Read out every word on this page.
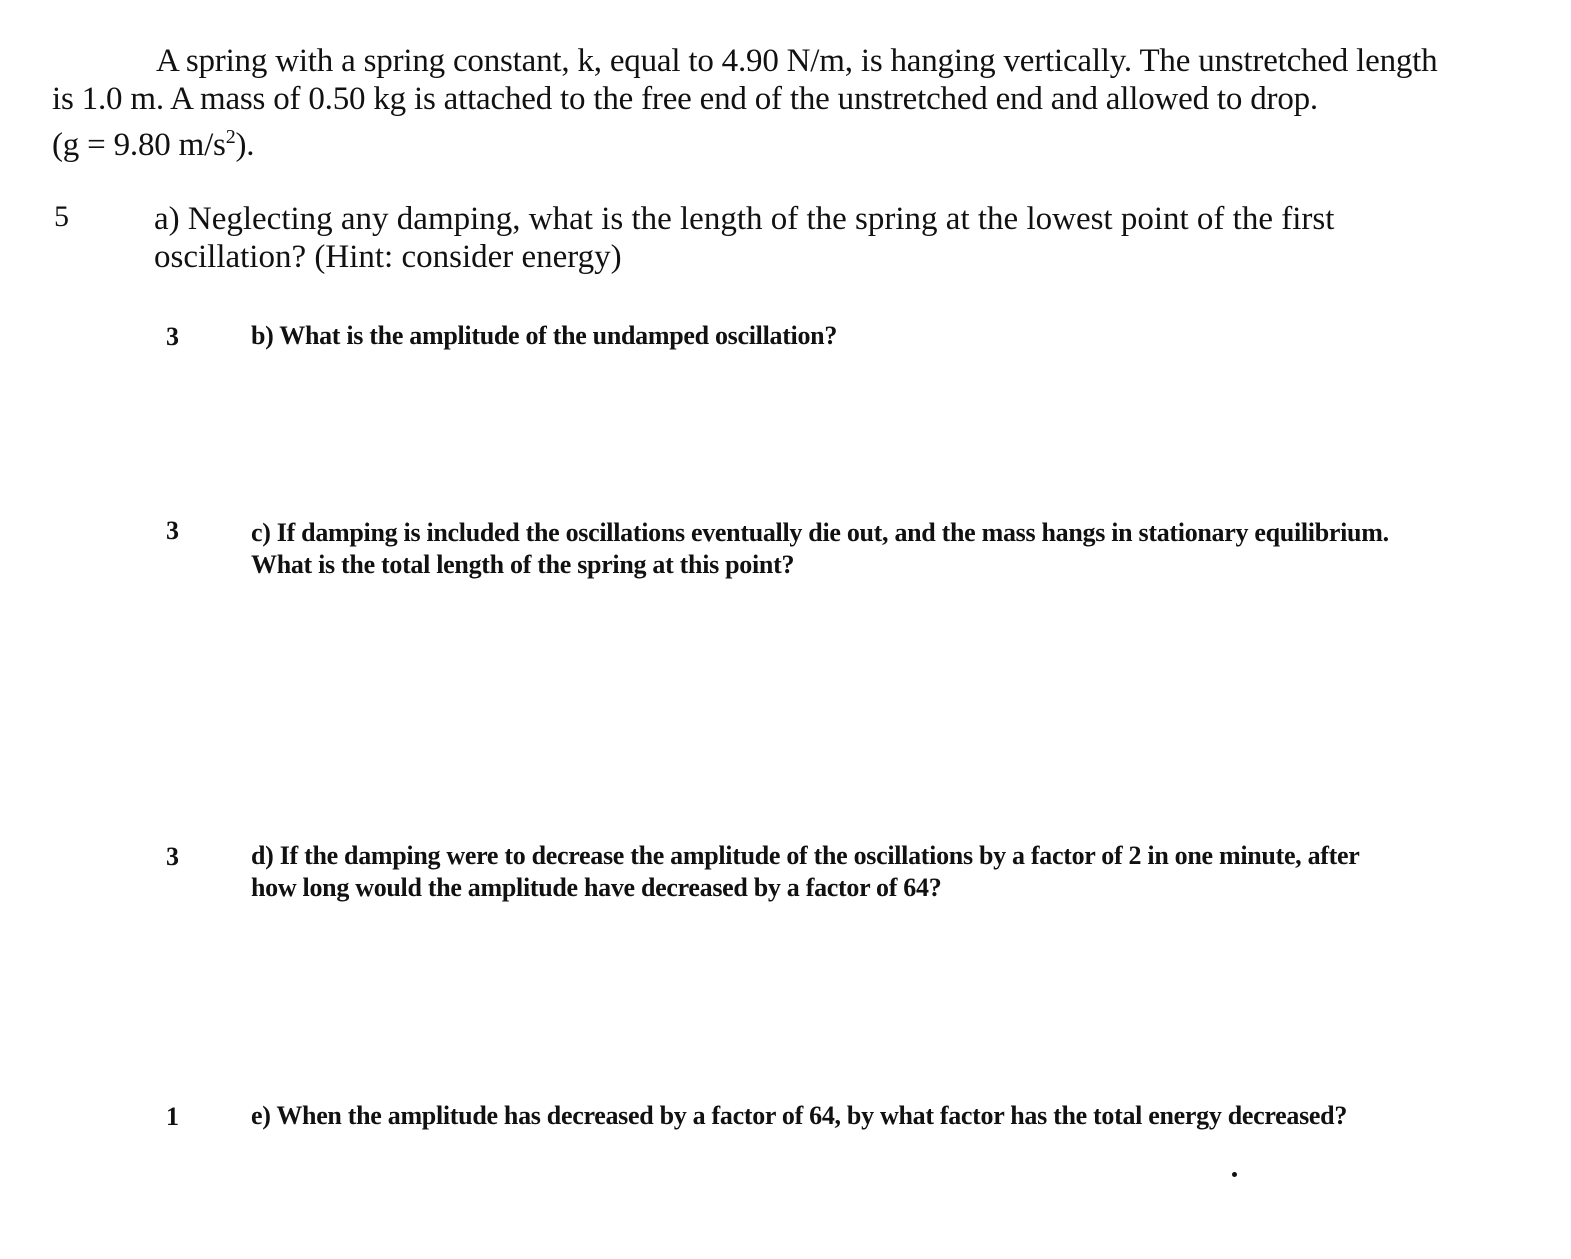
A spring with a spring constant, k, equal to 4.90 N/m, is hanging vertically. The unstretched length
is 1.0 m. A mass of 0.50 kg is attached to the free end of the unstretched end and allowed to drop.
(g = 9.80 $m/s^2$).
5	a) Neglecting any damping, what is the length of the spring at the lowest point of the first oscillation? (Hint: consider energy)
3	b) What is the amplitude of the undamped oscillation?
3	c) If damping is included the oscillations eventually die out, and the mass hangs in stationary equilibrium. What is the total length of the spring at this point?
3	d) If the damping were to decrease the amplitude of the oscillations by a factor of 2 in one minute, after how long would the amplitude have decreased by a factor of 64?
1	e) When the amplitude has decreased by a factor of 64, by what factor has the total energy decreased?
